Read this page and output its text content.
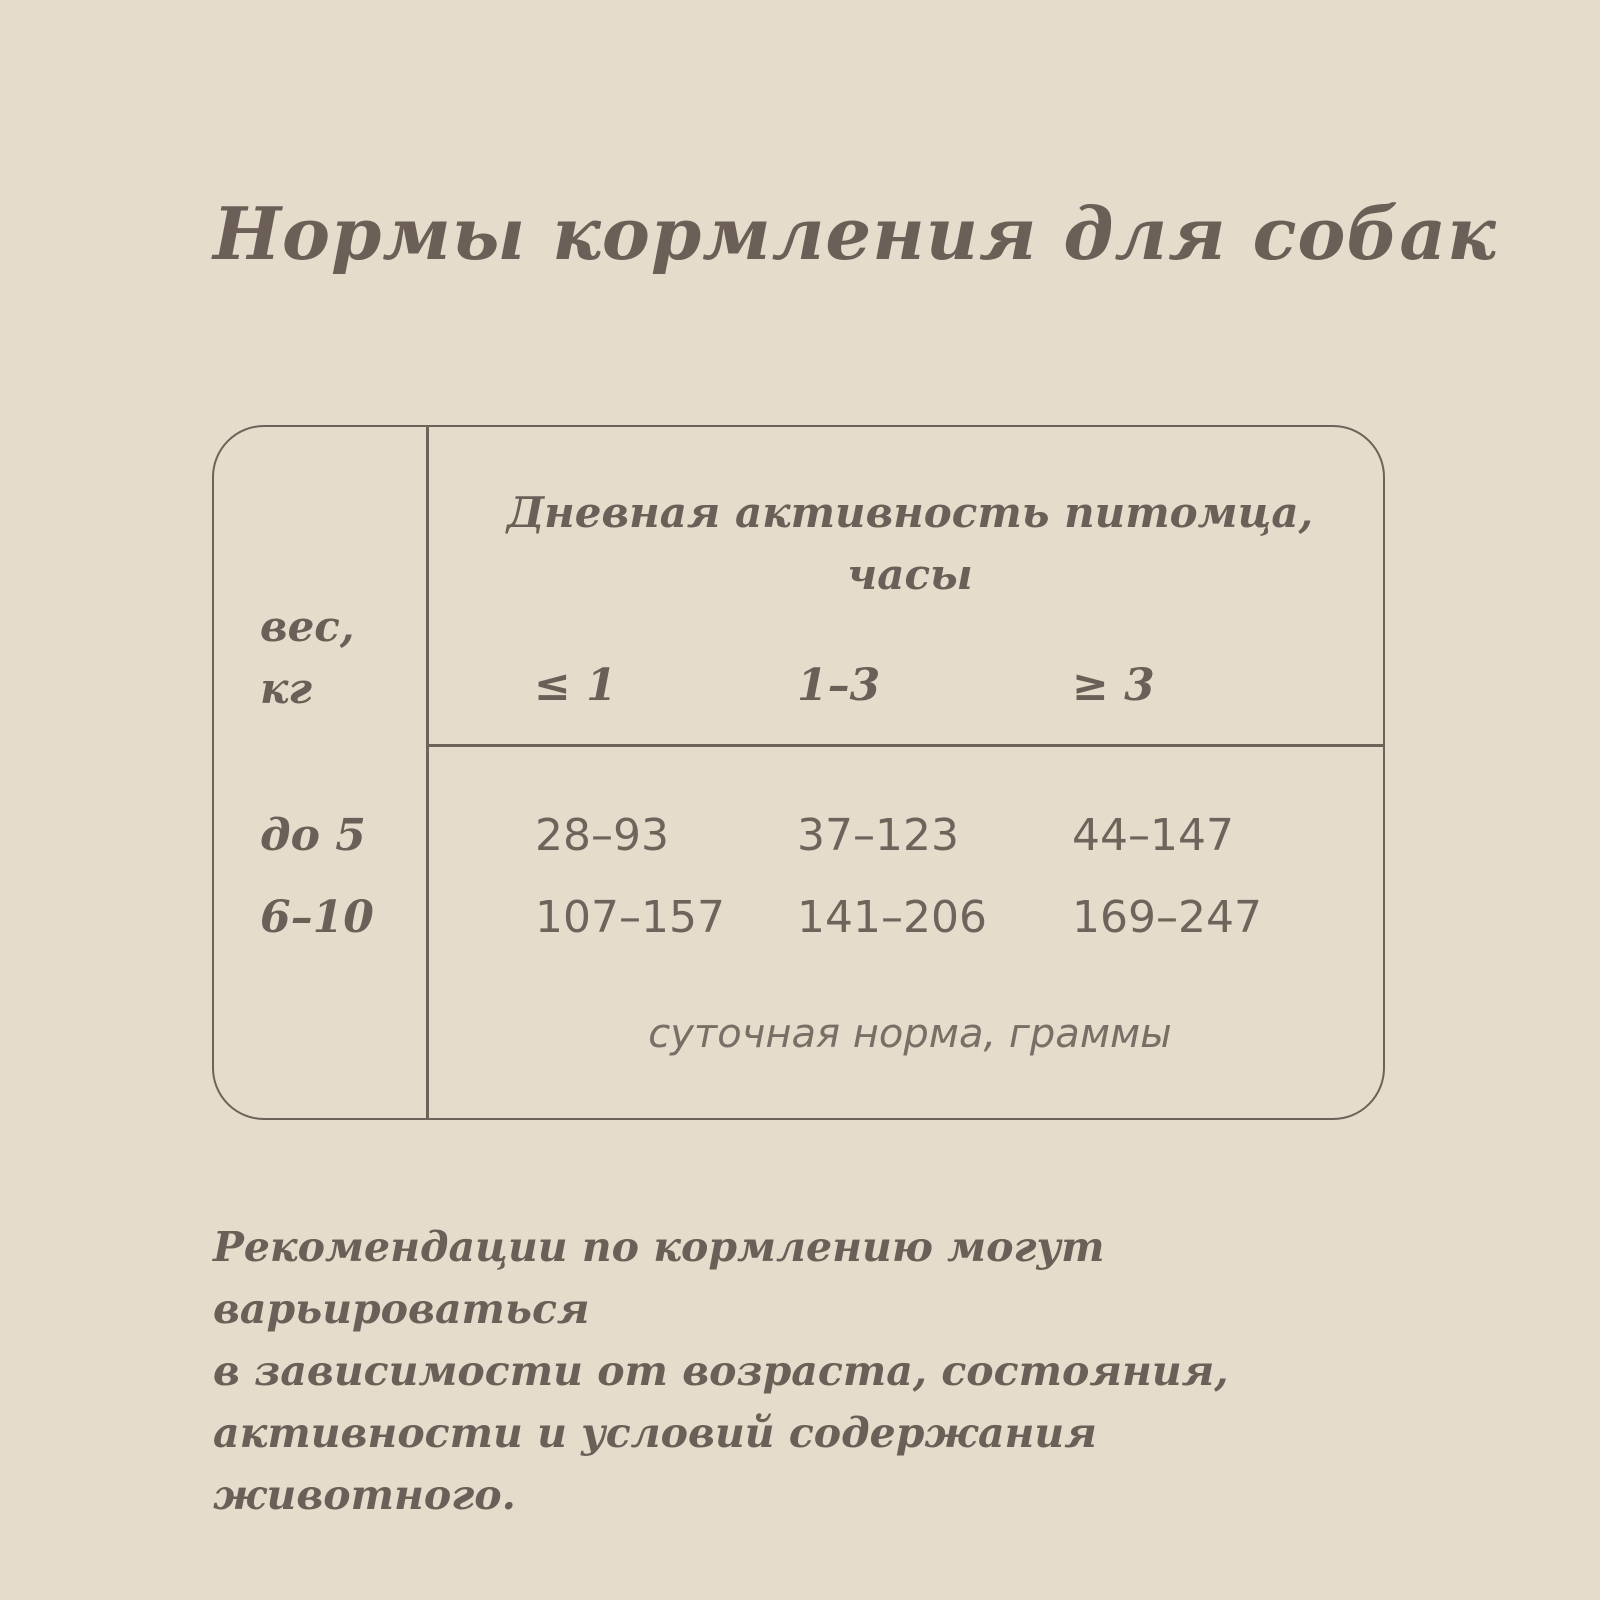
Нормы кормления для собак
Дневная активность питомца,
часы
вес,
кг	≤ 1	1–3	≥ 3
до 5	28–93	37–123	44–147
6–10	107–157 141–206 169–247
суточная норма, граммы

Рекомендации по кормлению могут варьироваться
в зависимости от возраста, состояния,
активности и условий содержания животного.
